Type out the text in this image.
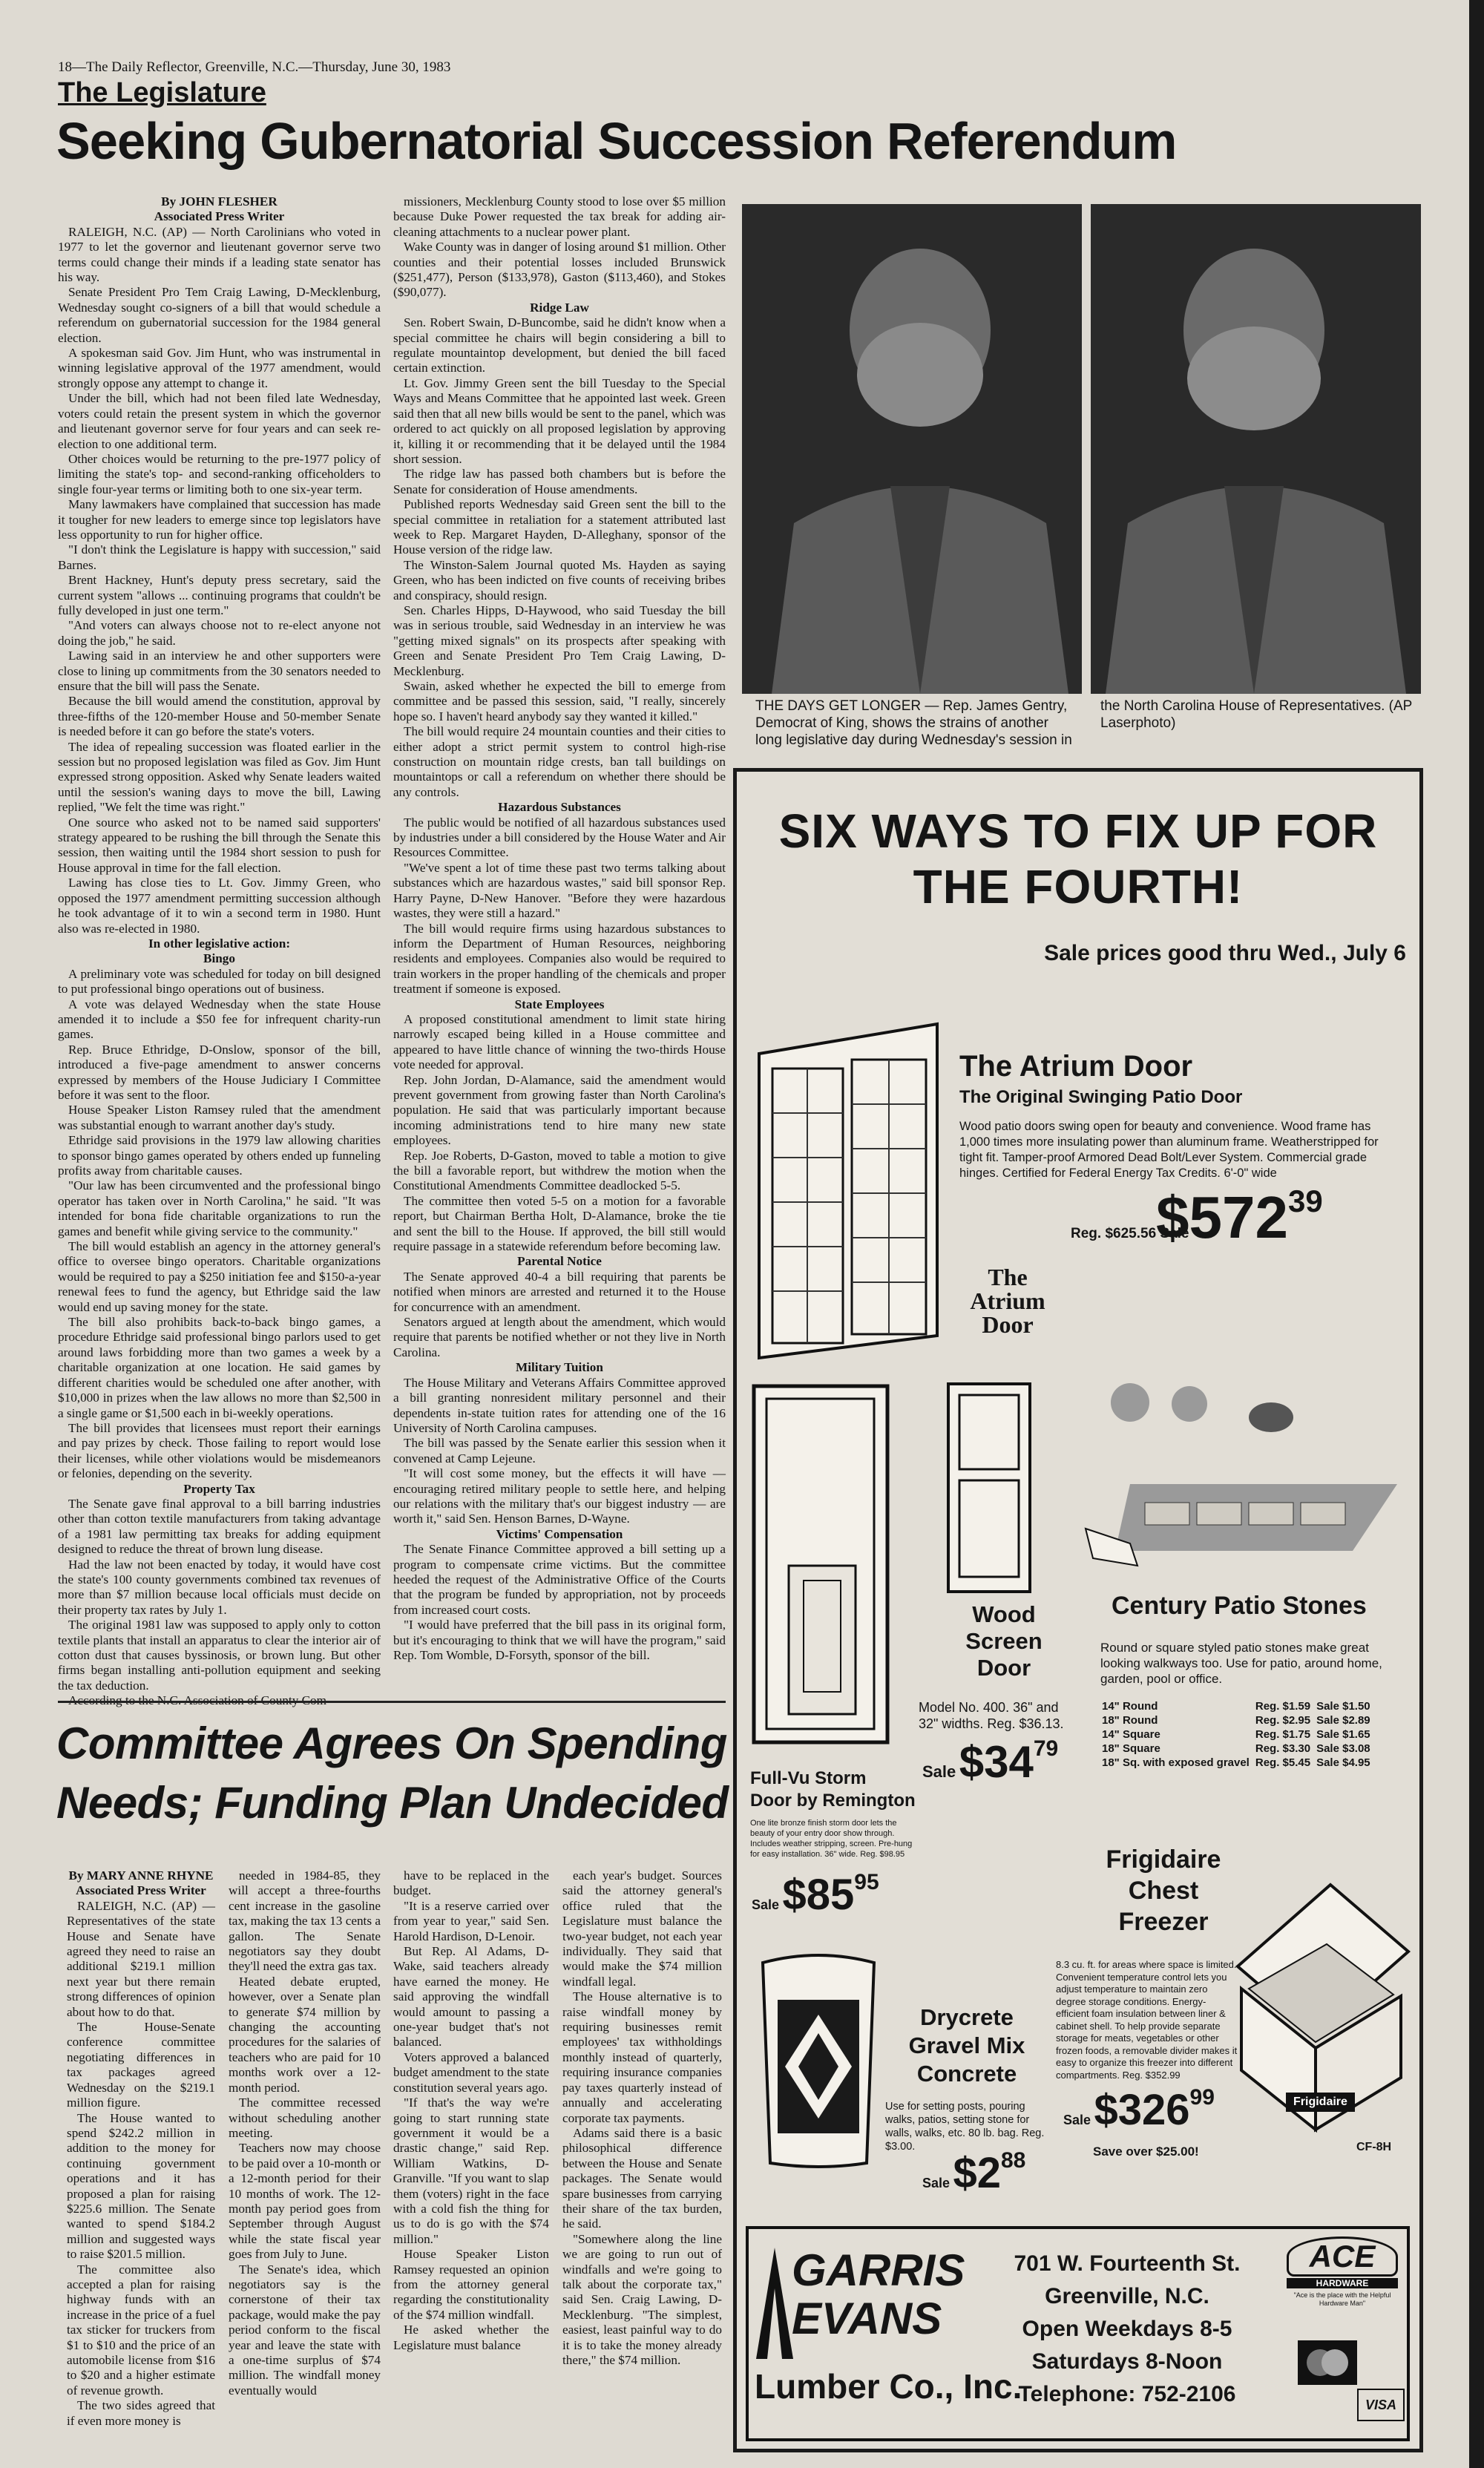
18—The Daily Reflector, Greenville, N.C.—Thursday, June 30, 1983
The Legislature
Seeking Gubernatorial Succession Referendum

By JOHN FLESHER

Associated Press Writer

RALEIGH, N.C. (AP) — North Carolinians who voted in 1977 to let the governor and lieutenant governor serve two terms could change their minds if a leading state senator has his way.

Senate President Pro Tem Craig Lawing, D-Mecklenburg, Wednesday sought co-signers of a bill that would schedule a referendum on gubernatorial succession for the 1984 general election.

A spokesman said Gov. Jim Hunt, who was instrumental in winning legislative approval of the 1977 amendment, would strongly oppose any attempt to change it.

Under the bill, which had not been filed late Wednesday, voters could retain the present system in which the governor and lieutenant governor serve for four years and can seek re-election to one additional term.

Other choices would be returning to the pre-1977 policy of limiting the state's top- and second-ranking officeholders to single four-year terms or limiting both to one six-year term.

Many lawmakers have complained that succession has made it tougher for new leaders to emerge since top legislators have less opportunity to run for higher office.

"I don't think the Legislature is happy with succession," said Barnes.

Brent Hackney, Hunt's deputy press secretary, said the current system "allows ... continuing programs that couldn't be fully developed in just one term."

"And voters can always choose not to re-elect anyone not doing the job," he said.

Lawing said in an interview he and other supporters were close to lining up commitments from the 30 senators needed to ensure that the bill will pass the Senate.

Because the bill would amend the constitution, approval by three-fifths of the 120-member House and 50-member Senate is needed before it can go before the state's voters.

The idea of repealing succession was floated earlier in the session but no proposed legislation was filed as Gov. Jim Hunt expressed strong opposition. Asked why Senate leaders waited until the session's waning days to move the bill, Lawing replied, "We felt the time was right."

One source who asked not to be named said supporters' strategy appeared to be rushing the bill through the Senate this session, then waiting until the 1984 short session to push for House approval in time for the fall election.

Lawing has close ties to Lt. Gov. Jimmy Green, who opposed the 1977 amendment permitting succession although he took advantage of it to win a second term in 1980. Hunt also was re-elected in 1980.

In other legislative action:

Bingo

A preliminary vote was scheduled for today on bill designed to put professional bingo operations out of business.

A vote was delayed Wednesday when the state House amended it to include a $50 fee for infrequent charity-run games.

Rep. Bruce Ethridge, D-Onslow, sponsor of the bill, introduced a five-page amendment to answer concerns expressed by members of the House Judiciary I Committee before it was sent to the floor.

House Speaker Liston Ramsey ruled that the amendment was substantial enough to warrant another day's study.

Ethridge said provisions in the 1979 law allowing charities to sponsor bingo games operated by others ended up funneling profits away from charitable causes.

"Our law has been circumvented and the professional bingo operator has taken over in North Carolina," he said. "It was intended for bona fide charitable organizations to run the games and benefit while giving service to the community."

The bill would establish an agency in the attorney general's office to oversee bingo operators. Charitable organizations would be required to pay a $250 initiation fee and $150-a-year renewal fees to fund the agency, but Ethridge said the law would end up saving money for the state.

The bill also prohibits back-to-back bingo games, a procedure Ethridge said professional bingo parlors used to get around laws forbidding more than two games a week by a charitable organization at one location. He said games by different charities would be scheduled one after another, with $10,000 in prizes when the law allows no more than $2,500 in a single game or $1,500 each in bi-weekly operations.

The bill provides that licensees must report their earnings and pay prizes by check. Those failing to report would lose their licenses, while other violations would be misdemeanors or felonies, depending on the severity.

Property Tax

The Senate gave final approval to a bill barring industries other than cotton textile manufacturers from taking advantage of a 1981 law permitting tax breaks for adding equipment designed to reduce the threat of brown lung disease.

Had the law not been enacted by today, it would have cost the state's 100 county governments combined tax revenues of more than $7 million because local officials must decide on their property tax rates by July 1.

The original 1981 law was supposed to apply only to cotton textile plants that install an apparatus to clear the interior air of cotton dust that causes byssinosis, or brown lung. But other firms began installing anti-pollution equipment and seeking the tax deduction.

missioners, Mecklenburg County stood to lose over $5 million because Duke Power requested the tax break for adding air-cleaning attachments to a nuclear power plant.

Wake County was in danger of losing around $1 million. Other counties and their potential losses included Brunswick ($251,477), Person ($133,978), Gaston ($113,460), and Stokes ($90,077).

Ridge Law

Sen. Robert Swain, D-Buncombe, said he didn't know when a special committee he chairs will begin considering a bill to regulate mountaintop development, but denied the bill faced certain extinction.

Lt. Gov. Jimmy Green sent the bill Tuesday to the Special Ways and Means Committee that he appointed last week. Green said then that all new bills would be sent to the panel, which was ordered to act quickly on all proposed legislation by approving it, killing it or recommending that it be delayed until the 1984 short session.

The ridge law has passed both chambers but is before the Senate for consideration of House amendments.

Published reports Wednesday said Green sent the bill to the special committee in retaliation for a statement attributed last week to Rep. Margaret Hayden, D-Alleghany, sponsor of the House version of the ridge law.

The Winston-Salem Journal quoted Ms. Hayden as saying Green, who has been indicted on five counts of receiving bribes and conspiracy, should resign.

Sen. Charles Hipps, D-Haywood, who said Tuesday the bill was in serious trouble, said Wednesday in an interview he was "getting mixed signals" on its prospects after speaking with Green and Senate President Pro Tem Craig Lawing, D-Mecklenburg.

Swain, asked whether he expected the bill to emerge from committee and be passed this session, said, "I really, sincerely hope so. I haven't heard anybody say they wanted it killed."

The bill would require 24 mountain counties and their cities to either adopt a strict permit system to control high-rise construction on mountain ridge crests, ban tall buildings on mountaintops or call a referendum on whether there should be any controls.

Hazardous Substances

The public would be notified of all hazardous substances used by industries under a bill considered by the House Water and Air Resources Committee.

"We've spent a lot of time these past two terms talking about substances which are hazardous wastes," said bill sponsor Rep. Harry Payne, D-New Hanover. "Before they were hazardous wastes, they were still a hazard."

The bill would require firms using hazardous substances to inform the Department of Human Resources, neighboring residents and employees. Companies also would be required to train workers in the proper handling of the chemicals and proper treatment if someone is exposed.

State Employees

A proposed constitutional amendment to limit state hiring narrowly escaped being killed in a House committee and appeared to have little chance of winning the two-thirds House vote needed for approval.

Rep. John Jordan, D-Alamance, said the amendment would prevent government from growing faster than North Carolina's population. He said that was particularly important because incoming administrations tend to hire many new state employees.

Rep. Joe Roberts, D-Gaston, moved to table a motion to give the bill a favorable report, but withdrew the motion when the Constitutional Amendments Committee deadlocked 5-5.

The committee then voted 5-5 on a motion for a favorable report, but Chairman Bertha Holt, D-Alamance, broke the tie and sent the bill to the House. If approved, the bill still would require passage in a statewide referendum before becoming law.

Parental Notice

The Senate approved 40-4 a bill requiring that parents be notified when minors are arrested and returned it to the House for concurrence with an amendment.

Senators argued at length about the amendment, which would require that parents be notified whether or not they live in North Carolina.

Military Tuition

The House Military and Veterans Affairs Committee approved a bill granting nonresident military personnel and their dependents in-state tuition rates for attending one of the 16 University of North Carolina campuses.

The bill was passed by the Senate earlier this session when it convened at Camp Lejeune.

"It will cost some money, but the effects it will have — encouraging retired military people to settle here, and helping our relations with the military that's our biggest industry — are worth it," said Sen. Henson Barnes, D-Wayne.

Victims' Compensation

The Senate Finance Committee approved a bill setting up a program to compensate crime victims. But the committee heeded the request of the Administrative Office of the Courts that the program be funded by appropriation, not by proceeds from increased court costs.

"I would have preferred that the bill pass in its original form, but it's encouraging to think that we will have the program," said Rep. Tom Womble, D-Forsyth, sponsor of the bill.

THE DAYS GET LONGER — Rep. James Gentry, Democrat of King, shows the strains of another long legislative day during Wednesday's session in the North Carolina House of Representatives. (AP Laserphoto)
Committee Agrees On Spending
Needs; Funding Plan Undecided

By MARY ANNE RHYNE

Associated Press Writer

RALEIGH, N.C. (AP) — Representatives of the state House and Senate have agreed they need to raise an additional $219.1 million next year but there remain strong differences of opinion about how to do that.

The House-Senate conference committee negotiating differences in tax packages agreed Wednesday on the $219.1 million figure.

The House wanted to spend $242.2 million in addition to the money for continuing government operations and it has proposed a plan for raising $225.6 million. The Senate wanted to spend $184.2 million and suggested ways to raise $201.5 million.

The committee also accepted a plan for raising highway funds with an increase in the price of a fuel tax sticker for truckers from $1 to $10 and the price of an automobile license from $16 to $20 and a higher estimate of revenue growth.

The two sides agreed that if even more money is

needed in 1984-85, they will accept a three-fourths cent increase in the gasoline tax, making the tax 13 cents a gallon. The Senate negotiators say they doubt they'll need the extra gas tax.

Heated debate erupted, however, over a Senate plan to generate $74 million by changing the accounting procedures for the salaries of teachers who are paid for 10 months work over a 12-month period.

The committee recessed without scheduling another meeting.

Teachers now may choose to be paid over a 10-month or a 12-month period for their 10 months of work. The 12-month pay period goes from September through August while the state fiscal year goes from July to June.

The Senate's idea, which negotiators say is the cornerstone of their tax package, would make the pay period conform to the fiscal year and leave the state with a one-time surplus of $74 million. The windfall money eventually would

have to be replaced in the budget.

"It is a reserve carried over from year to year," said Sen. Harold Hardison, D-Lenoir.

But Rep. Al Adams, D-Wake, said teachers already have earned the money. He said approving the windfall would amount to passing a one-year budget that's not balanced.

Voters approved a balanced budget amendment to the state constitution several years ago.

"If that's the way we're going to start running state government it would be a drastic change," said Rep. William Watkins, D-Granville. "If you want to slap them (voters) right in the face with a cold fish the thing for us to do is go with the $74 million."

House Speaker Liston Ramsey requested an opinion from the attorney general regarding the constitutionality of the $74 million windfall.

He asked whether the Legislature must balance

each year's budget. Sources said the attorney general's office ruled that the Legislature must balance the two-year budget, not each year individually. They said that would make the $74 million windfall legal.

The House alternative is to raise windfall money by requiring businesses remit employees' tax withholdings monthly instead of quarterly, requiring insurance companies pay taxes quarterly instead of annually and accelerating corporate tax payments.

Adams said there is a basic philosophical difference between the House and Senate packages. The Senate would spare businesses from carrying their share of the tax burden, he said.

"Somewhere along the line we are going to run out of windfalls and we're going to talk about the corporate tax," said Sen. Craig Lawing, D-Mecklenburg. "The simplest, easiest, least painful way to do it is to take the money already there," the $74 million.

SIX WAYS TO FIX UP FOR
THE FOURTH!
Sale prices good thru Wed., July 6
The Atrium Door
The Atrium Door
The Original Swinging Patio Door
Wood patio doors swing open for beauty and convenience. Wood frame has 1,000 times more insulating power than aluminum frame. Weatherstripped for tight fit. Tamper-proof Armored Dead Bolt/Lever System. Commercial grade hinges. Certified for Federal Energy Tax Credits. 6'-0" wide
Reg. $625.56 Sale
$57239
Wood
Screen
Door
Model No. 400. 36" and 32" widths. Reg. $36.13.
Sale $3479
Full-Vu Storm
Door by Remington
One lite bronze finish storm door lets the beauty of your entry door show through. Includes weather stripping, screen. Pre-hung for easy installation. 36" wide. Reg. $98.95
Sale $8595
Century Patio Stones
Round or square styled patio stones make great looking walkways too. Use for patio, around home, garden, pool or office.
14" Round	Reg. $1.59	Sale $1.50
18" Round	Reg. $2.95	Sale $2.89
14" Square	Reg. $1.75	Sale $1.65
18" Square	Reg. $3.30	Sale $3.08
18" Sq. with exposed gravel	Reg. $5.45	Sale $4.95
Frigidaire
Chest
Freezer
8.3 cu. ft. for areas where space is limited. Convenient temperature control lets you adjust temperature to maintain zero degree storage conditions. Energy-efficient foam insulation between liner & cabinet shell. To help provide separate storage for meats, vegetables or other frozen foods, a removable divider makes it easy to organize this freezer into different compartments. Reg. $352.99
Frigidaire
CF-8H
Sale $32699
Save over $25.00!
Drycrete
Gravel Mix
Concrete
Use for setting posts, pouring walks, patios, setting stone for walls, walks, etc. 80 lb. bag. Reg. $3.00.
Sale $288
GARRIS
EVANS
Lumber Co., Inc.
701 W. Fourteenth St.
Greenville, N.C.
Open Weekdays 8-5
Saturdays 8-Noon
Telephone: 752-2106
ACE
HARDWARE
"Ace is the place with the Helpful Hardware Man"
VISA
